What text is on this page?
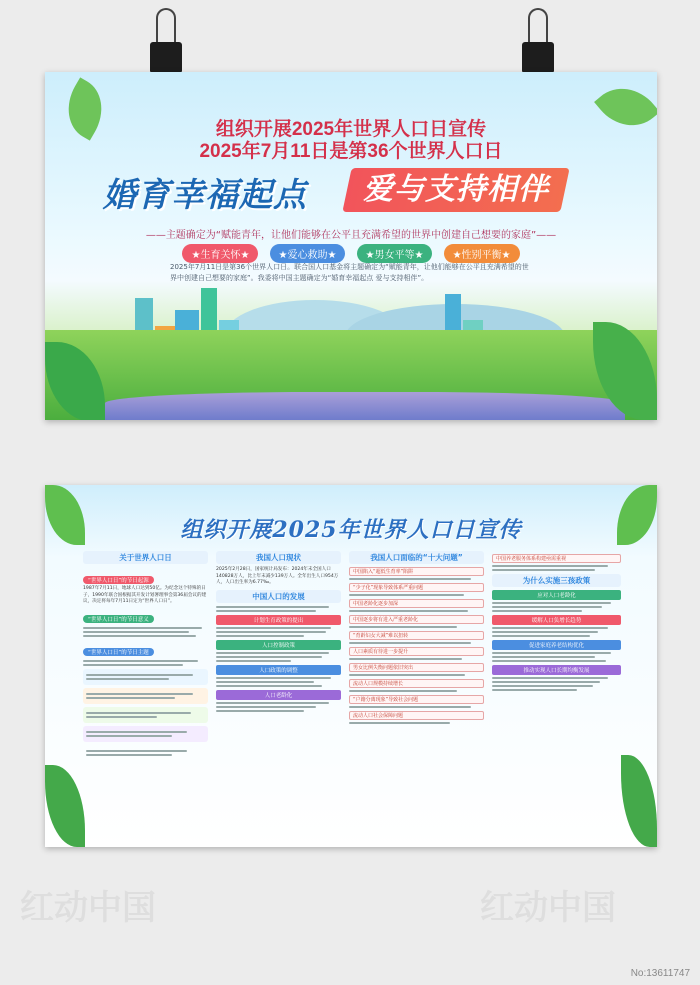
组织开展2025年世界人口日宣传
2025年7月11日是第36个世界人口日
婚育幸福起点	爱与支持相伴
——主题确定为“赋能青年，让他们能够在公平且充满希望的世界中创建自己想要的家庭”——
★生育关怀★	★爱心救助★	★男女平等★	★性别平衡★
2025年7月11日是第36个世界人口日。联合国人口基金将主题确定为“赋能青年，让他们能够在公平且充满希望的世界中创建自己想要的家庭”。我委将中国主题确定为“婚育幸福起点 爱与支持相伴”。
组织开展2025年世界人口日宣传
关于世界人口日
“世界人口日”的节日起源
1987年7月11日，地球人口达到50亿。为纪念这个特殊的日子，1990年联合国根据其开发计划署理事会第36届会议的建议，决定将每年7月11日定为“世界人口日”。
“世界人口日”的节日意义
“世界人口日”的节日主题
我国人口现状
2025年2月28日，国家统计局发布：2024年末全国人口140828万人，比上年末减少139万人。全年出生人口954万人，人口出生率为6.77‰。
中国人口的发展
计划生育政策的提出
人口控制政策
人口政策的调整
人口老龄化
我国人口面临的“十大问题”
中国陷入“超低生育率”陷阱
“少子化”现象导致体系严重问题
中国老龄化逐步加深
中国逐步将有进入严重老龄化
“育龄妇女大减”难以扭转
人口素质有待进一步提升
男女比例失衡问题依旧突出
流动人口规模持续增长
“户籍分离现象”导致社会问题
流动人口社会保障问题
中国养老服务体系构建亟需重视
为什么实施三孩政策
应对人口老龄化
缓解人口负增长趋势
促进家庭养老结构优化
推动实现人口长期均衡发展
红动中国	红动中国
No:13611747
